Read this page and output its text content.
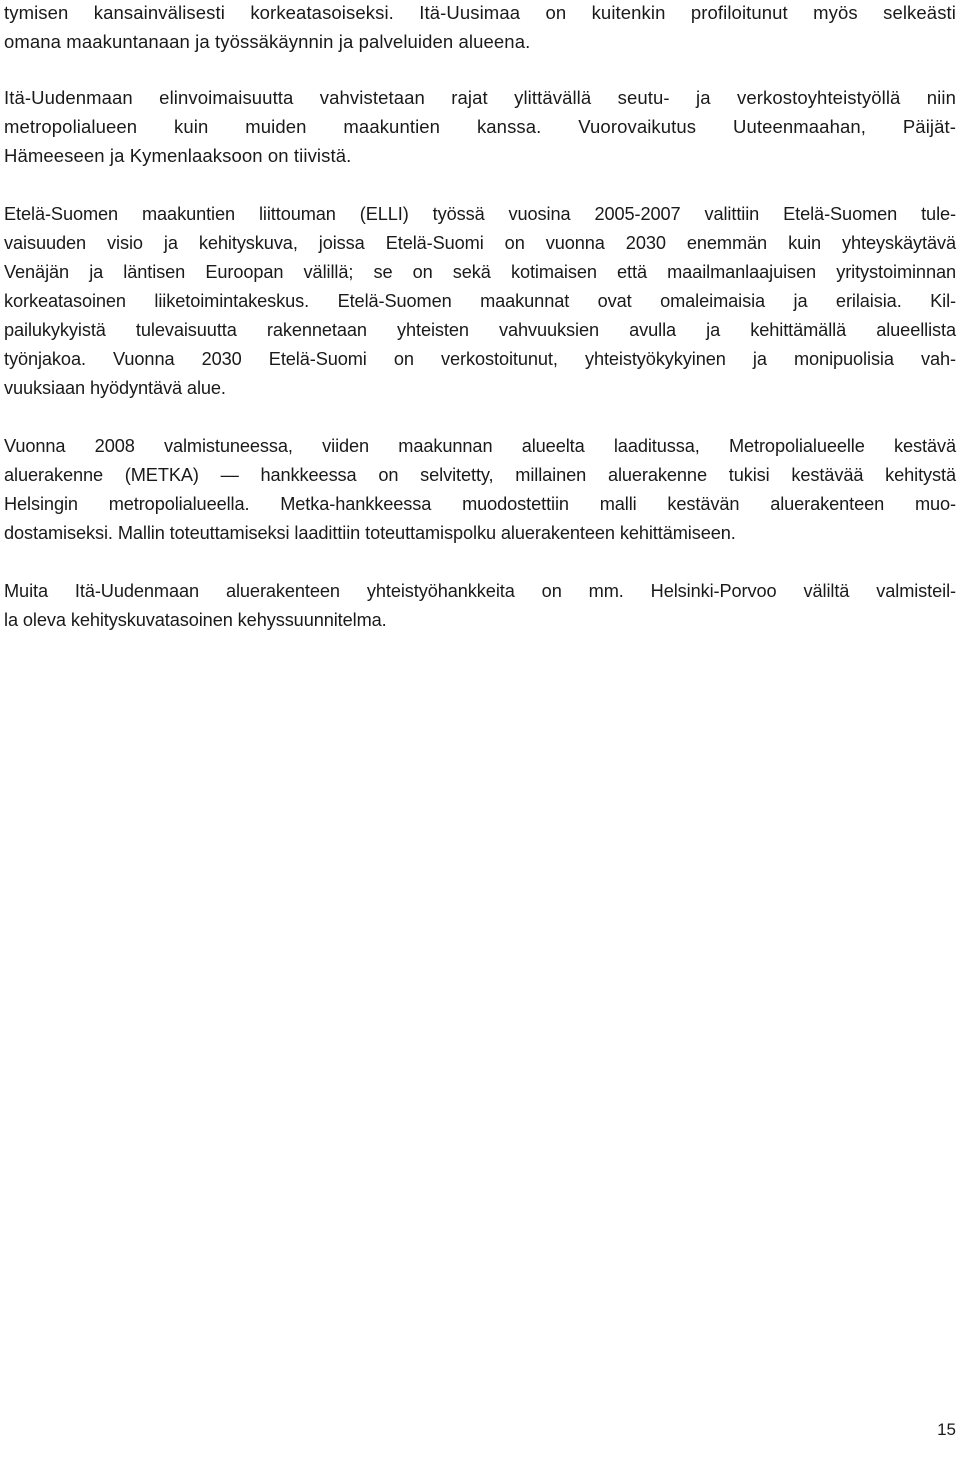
tymisen kansainvälisesti korkeatasoiseksi. Itä-Uusimaa on kuitenkin profiloitunut myös selkeästi
omana maakuntanaan ja työssäkäynnin ja palveluiden alueena.

Itä-Uudenmaan elinvoimaisuutta vahvistetaan rajat ylittävällä seutu- ja verkostoyhteistyöllä niin
metropolialueen kuin muiden maakuntien kanssa. Vuorovaikutus Uuteenmaahan, Päijät-
Hämeeseen ja Kymenlaaksoon on tiivistä.

Etelä-Suomen maakuntien liittouman (ELLI) työssä vuosina 2005-2007 valittiin Etelä-Suomen tule-
vaisuuden visio ja kehityskuva, joissa Etelä-Suomi on vuonna 2030 enemmän kuin yhteyskäytävä
Venäjän ja läntisen Euroopan välillä; se on sekä kotimaisen että maailmanlaajuisen yritystoiminnan
korkeatasoinen liiketoimintakeskus. Etelä-Suomen maakunnat ovat omaleimaisia ja erilaisia. Kil-
pailukykyistä tulevaisuutta rakennetaan yhteisten vahvuuksien avulla ja kehittämällä alueellista
työnjakoa. Vuonna 2030 Etelä-Suomi on verkostoitunut, yhteistyökykyinen ja monipuolisia vah-
vuuksiaan hyödyntävä alue.

Vuonna 2008 valmistuneessa, viiden maakunnan alueelta laaditussa, Metropolialueelle kestävä
aluerakenne (METKA) — hankkeessa on selvitetty, millainen aluerakenne tukisi kestävää kehitystä
Helsingin metropolialueella. Metka-hankkeessa muodostettiin malli kestävän aluerakenteen muo-
dostamiseksi. Mallin toteuttamiseksi laadittiin toteuttamispolku aluerakenteen kehittämiseen.

Muita Itä-Uudenmaan aluerakenteen yhteistyöhankkeita on mm. Helsinki-Porvoo väliltä valmisteil-
la oleva kehityskuvatasoinen kehyssuunnitelma.

15
